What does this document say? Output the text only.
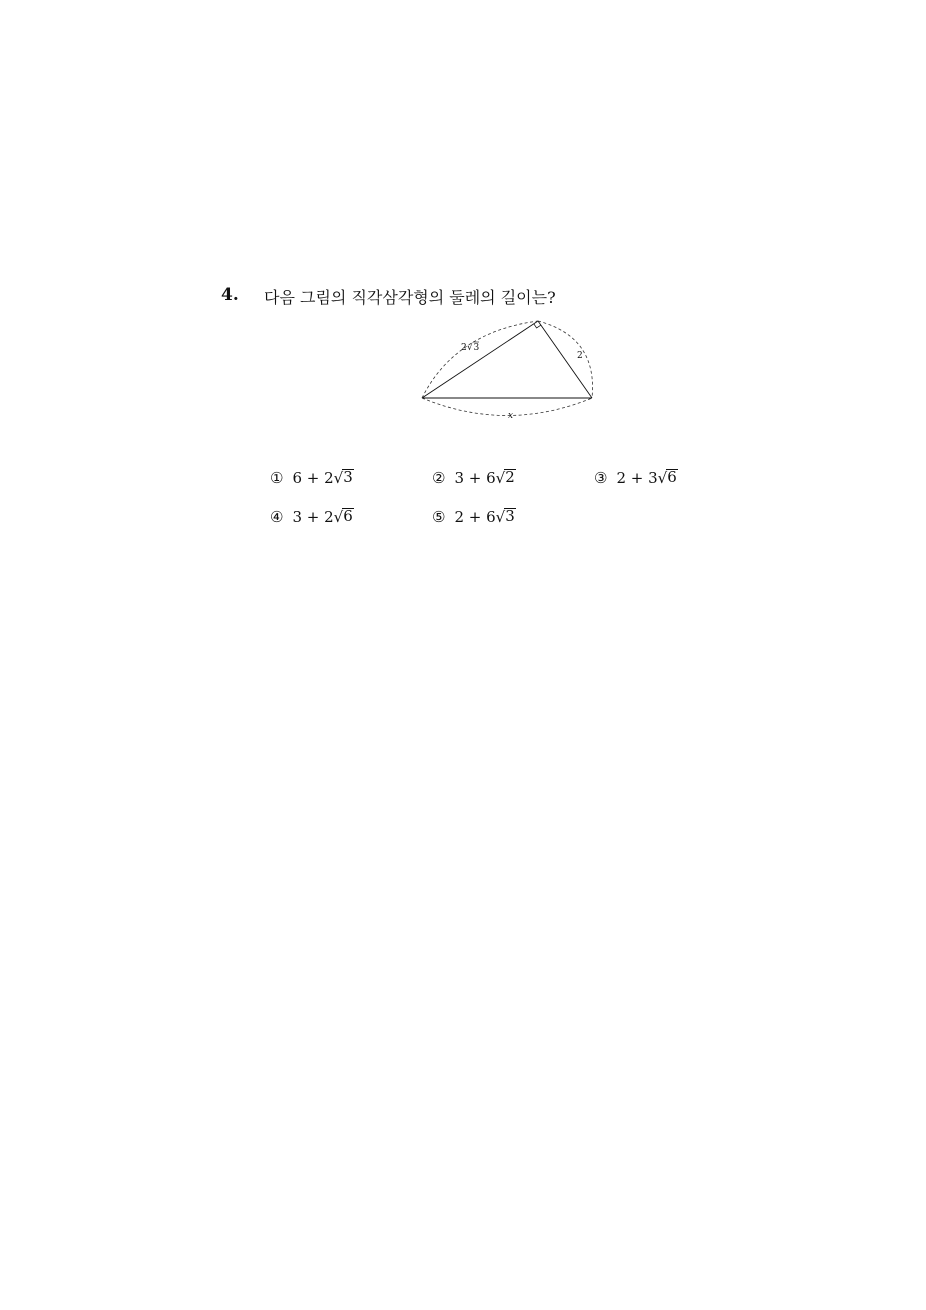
4. 다음 그림의 직각삼각형의 둘레의 길이는?
2 √ 3
2
x
① 6 + 2 √ 3	② 3 + 6 √ 2	③ 2 + 3 √ 6
④ 3 + 2 √ 6	⑤ 2 + 6 √ 3
